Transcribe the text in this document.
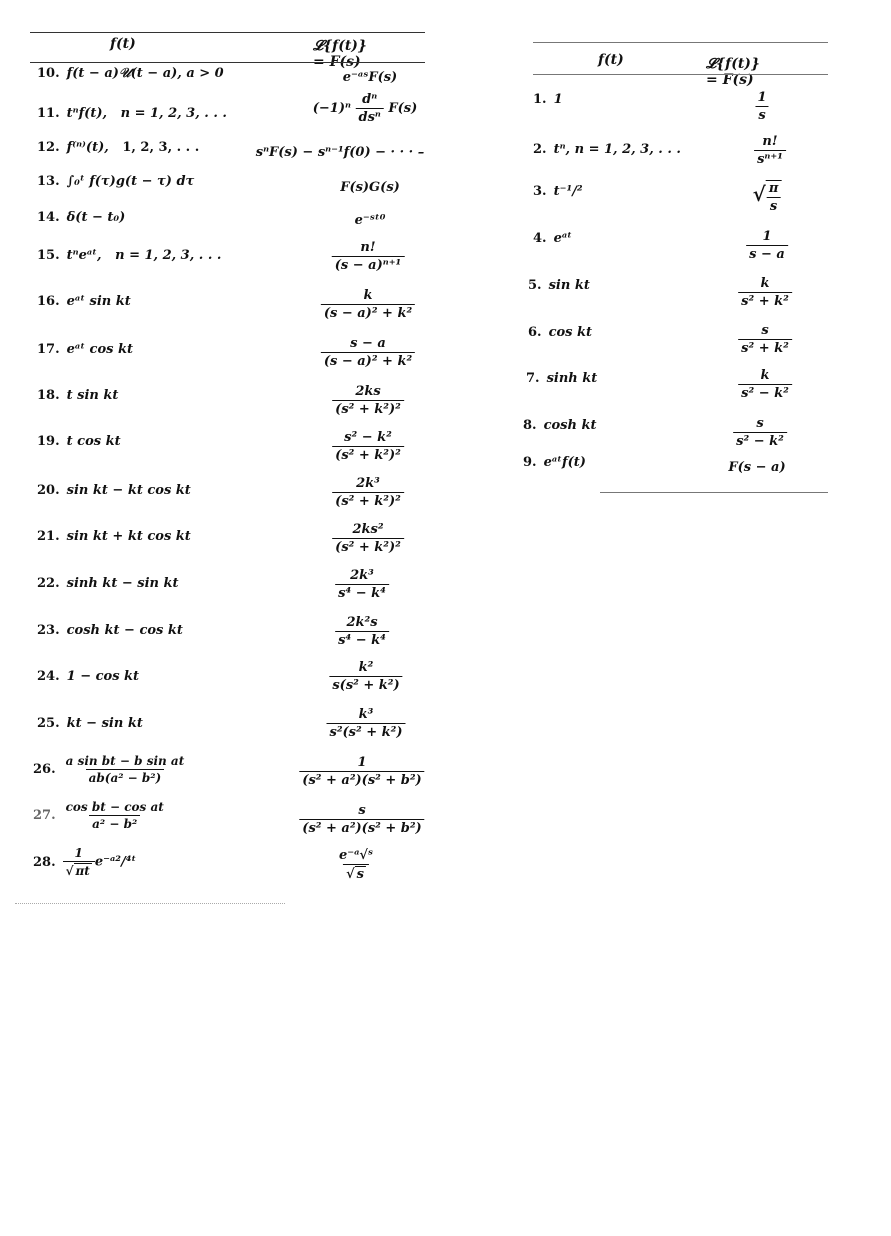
f(t)	𝓛{f(t)} = F(s)
10. f(t − a)𝒰(t − a), a > 0	e⁻ᵃˢF(s)
11. tⁿf(t), n = 1, 2, 3, . . .	$(-1)^n \frac{\text{dⁿ}}{\text{dsⁿ}} F(s)$
12. f⁽ⁿ⁾(t), 1, 2, 3, . . .	sⁿF(s) − sⁿ⁻¹f(0) − · · · –
13. ∫₀ᵗ f(τ)g(t − τ) dτ	F(s)G(s)
14. δ(t − t₀)	e⁻ˢᵗ⁰
15. tⁿeᵃᵗ, n = 1, 2, 3, . . .	$\frac{n!}{\text{(s − a)ⁿ⁺¹}}$
16. eᵃᵗ sin kt	$\frac{k}{\text{(s − a)² + k²}}$
17. eᵃᵗ cos kt	$\frac{s - a}{\text{(s − a)² + k²}}$
18. t sin kt	$\frac{2ks}{\text{(s² + k²)²}}$
19. t cos kt	$\frac{\text{s² − k²}}{\text{(s² + k²)²}}$
20. sin kt − kt cos kt	$\frac{\text{2k³}}{\text{(s² + k²)²}}$
21. sin kt + kt cos kt	$\frac{\text{2ks²}}{\text{(s² + k²)²}}$
22. sinh kt − sin kt	$\frac{\text{2k³}}{\text{s⁴ − k⁴}}$
23. cosh kt − cos kt	$\frac{\text{2k²s}}{\text{s⁴ − k⁴}}$
24. 1 − cos kt	$\frac{\text{k²}}{\text{s(s² + k²)}}$
25. kt − sin kt	$\frac{\text{k³}}{\text{s²(s² + k²)}}$
26. $\frac{\text{a sin bt − b sin at}}{\text{ab(a² − b²)}}$	$\frac{1}{\text{(s² + a²)(s² + b²)}}$
27. $\frac{\text{cos bt − cos at}}{\text{a² − b²}}$	$\frac{s}{\text{(s² + a²)(s² + b²)}}$
28. $\frac{1}{√ \pi t}$ e⁻ᵃ²/⁴ᵗ	$\frac{\text{e⁻ᵃ√ˢ}}{√ s}$
f(t)	𝓛{f(t)} = F(s)
1. 1	$\frac{1}{s}$
2. tⁿ, n = 1, 2, 3, . . .	$\frac{n!}{\text{sⁿ⁺¹}}$
3. t⁻¹/²	√ $\frac{\pi}{s}$
4. eᵃᵗ	$\frac{1}{s - a}$
5. sin kt	$\frac{k}{\text{s² + k²}}$
6. cos kt	$\frac{s}{\text{s² + k²}}$
7. sinh kt	$\frac{k}{\text{s² − k²}}$
8. cosh kt	$\frac{s}{\text{s² − k²}}$
9. eᵃᵗf(t)	F(s − a)
